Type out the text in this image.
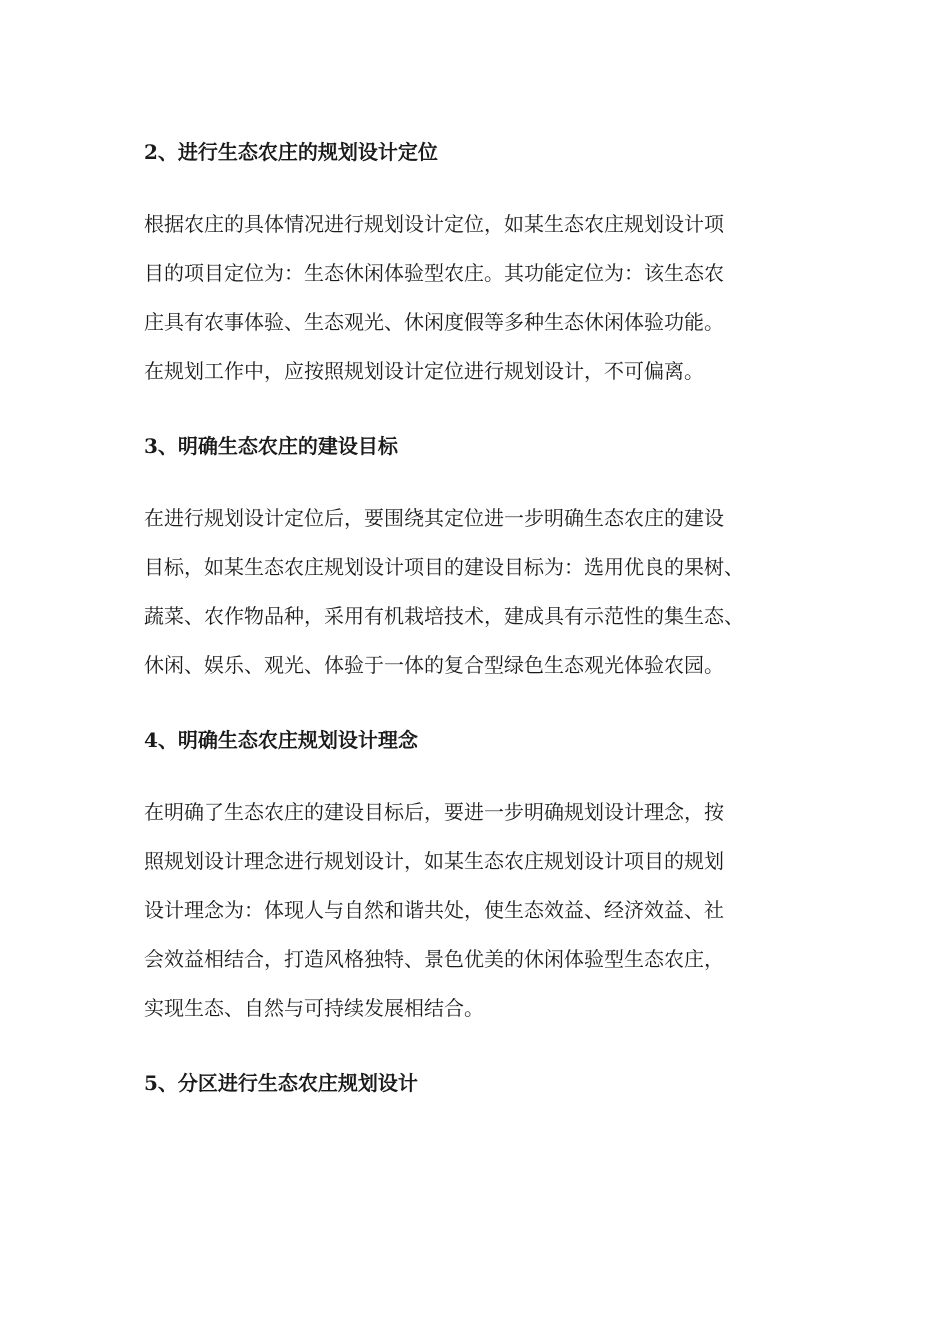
2、进行生态农庄的规划设计定位

根据农庄的具体情况进行规划设计定位，如某生态农庄规划设计项
目的项目定位为：生态休闲体验型农庄。其功能定位为：该生态农
庄具有农事体验、生态观光、休闲度假等多种生态休闲体验功能。
在规划工作中，应按照规划设计定位进行规划设计，不可偏离。

3、明确生态农庄的建设目标

在进行规划设计定位后，要围绕其定位进一步明确生态农庄的建设
目标，如某生态农庄规划设计项目的建设目标为：选用优良的果树、
蔬菜、农作物品种，采用有机栽培技术，建成具有示范性的集生态、
休闲、娱乐、观光、体验于一体的复合型绿色生态观光体验农园。

4、明确生态农庄规划设计理念

在明确了生态农庄的建设目标后，要进一步明确规划设计理念，按
照规划设计理念进行规划设计，如某生态农庄规划设计项目的规划
设计理念为：体现人与自然和谐共处，使生态效益、经济效益、社
会效益相结合，打造风格独特、景色优美的休闲体验型生态农庄，
实现生态、自然与可持续发展相结合。

5、分区进行生态农庄规划设计
